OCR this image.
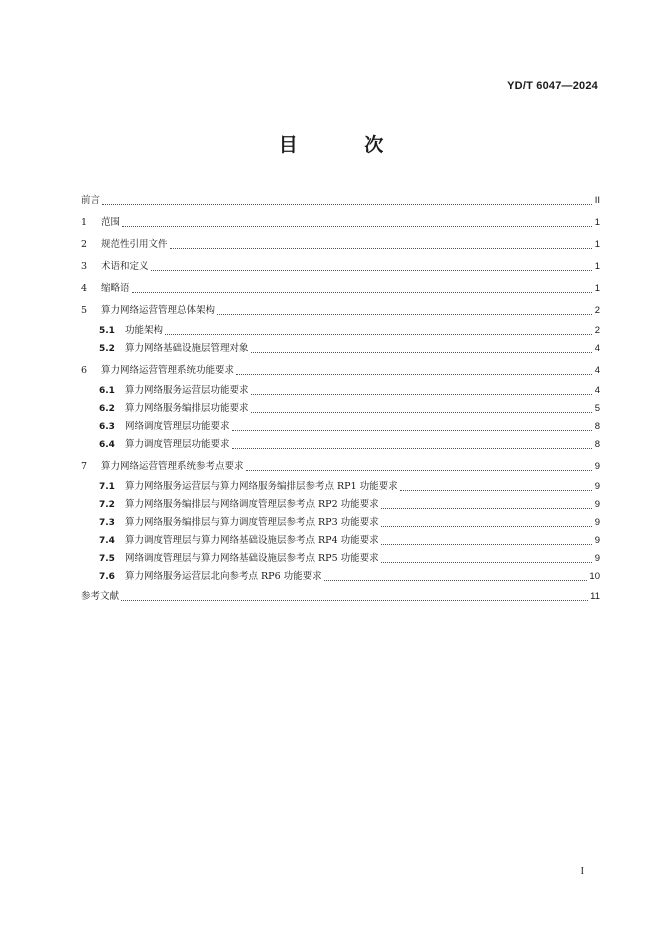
YD/T 6047—2024
目 次
前言	II
1	范围	1
2	规范性引用文件	1
3	术语和定义	1
4	缩略语	1
5	算力网络运营管理总体架构	2
5.1	功能架构	2
5.2	算力网络基础设施层管理对象	4
6	算力网络运营管理系统功能要求	4
6.1	算力网络服务运营层功能要求	4
6.2	算力网络服务编排层功能要求	5
6.3	网络调度管理层功能要求	8
6.4	算力调度管理层功能要求	8
7	算力网络运营管理系统参考点要求	9
7.1	算力网络服务运营层与算力网络服务编排层参考点 RP1 功能要求	9
7.2	算力网络服务编排层与网络调度管理层参考点 RP2 功能要求	9
7.3	算力网络服务编排层与算力调度管理层参考点 RP3 功能要求	9
7.4	算力调度管理层与算力网络基础设施层参考点 RP4 功能要求	9
7.5	网络调度管理层与算力网络基础设施层参考点 RP5 功能要求	9
7.6	算力网络服务运营层北向参考点 RP6 功能要求	10
参考文献	11
I
